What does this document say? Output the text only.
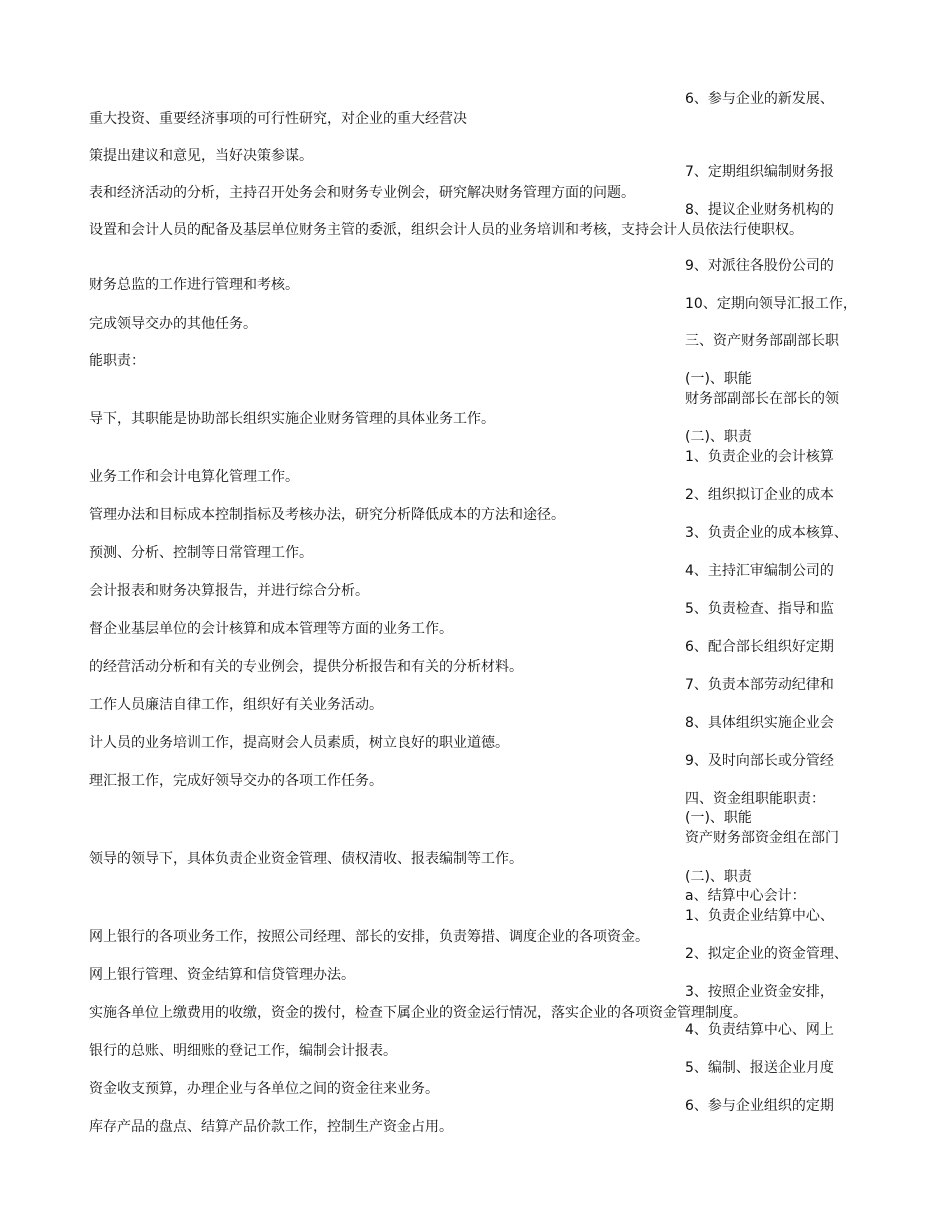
重大投资、重要经济事项的可行性研究，对企业的重大经营决
策提出建议和意见，当好决策参谋。
表和经济活动的分析，主持召开处务会和财务专业例会，研究解决财务管理方面的问题。
设置和会计人员的配备及基层单位财务主管的委派，组织会计人员的业务培训和考核，支持会计人员依法行使职权。
财务总监的工作进行管理和考核。
完成领导交办的其他任务。
能职责：
导下，其职能是协助部长组织实施企业财务管理的具体业务工作。
业务工作和会计电算化管理工作。
管理办法和目标成本控制指标及考核办法，研究分析降低成本的方法和途径。
预测、分析、控制等日常管理工作。
会计报表和财务决算报告，并进行综合分析。
督企业基层单位的会计核算和成本管理等方面的业务工作。
的经营活动分析和有关的专业例会，提供分析报告和有关的分析材料。
工作人员廉洁自律工作，组织好有关业务活动。
计人员的业务培训工作，提高财会人员素质，树立良好的职业道德。
理汇报工作，完成好领导交办的各项工作任务。
领导的领导下，具体负责企业资金管理、债权清收、报表编制等工作。
网上银行的各项业务工作，按照公司经理、部长的安排，负责筹措、调度企业的各项资金。
网上银行管理、资金结算和信贷管理办法。
实施各单位上缴费用的收缴，资金的拨付，检查下属企业的资金运行情况，落实企业的各项资金管理制度。
银行的总账、明细账的登记工作，编制会计报表。
资金收支预算，办理企业与各单位之间的资金往来业务。
库存产品的盘点、结算产品价款工作，控制生产资金占用。
6、参与企业的新发展、
7、定期组织编制财务报
8、提议企业财务机构的
9、对派往各股份公司的
10、定期向领导汇报工作，
三、资产财务部副部长职
(一)、职能
财务部副部长在部长的领
(二)、职责
1、负责企业的会计核算
2、组织拟订企业的成本
3、负责企业的成本核算、
4、主持汇审编制公司的
5、负责检查、指导和监
6、配合部长组织好定期
7、负责本部劳动纪律和
8、具体组织实施企业会
9、及时向部长或分管经
四、资金组职能职责：
(一)、职能
资产财务部资金组在部门
(二)、职责
a、结算中心会计：
1、负责企业结算中心、
2、拟定企业的资金管理、
3、按照企业资金安排，
4、负责结算中心、网上
5、编制、报送企业月度
6、参与企业组织的定期
